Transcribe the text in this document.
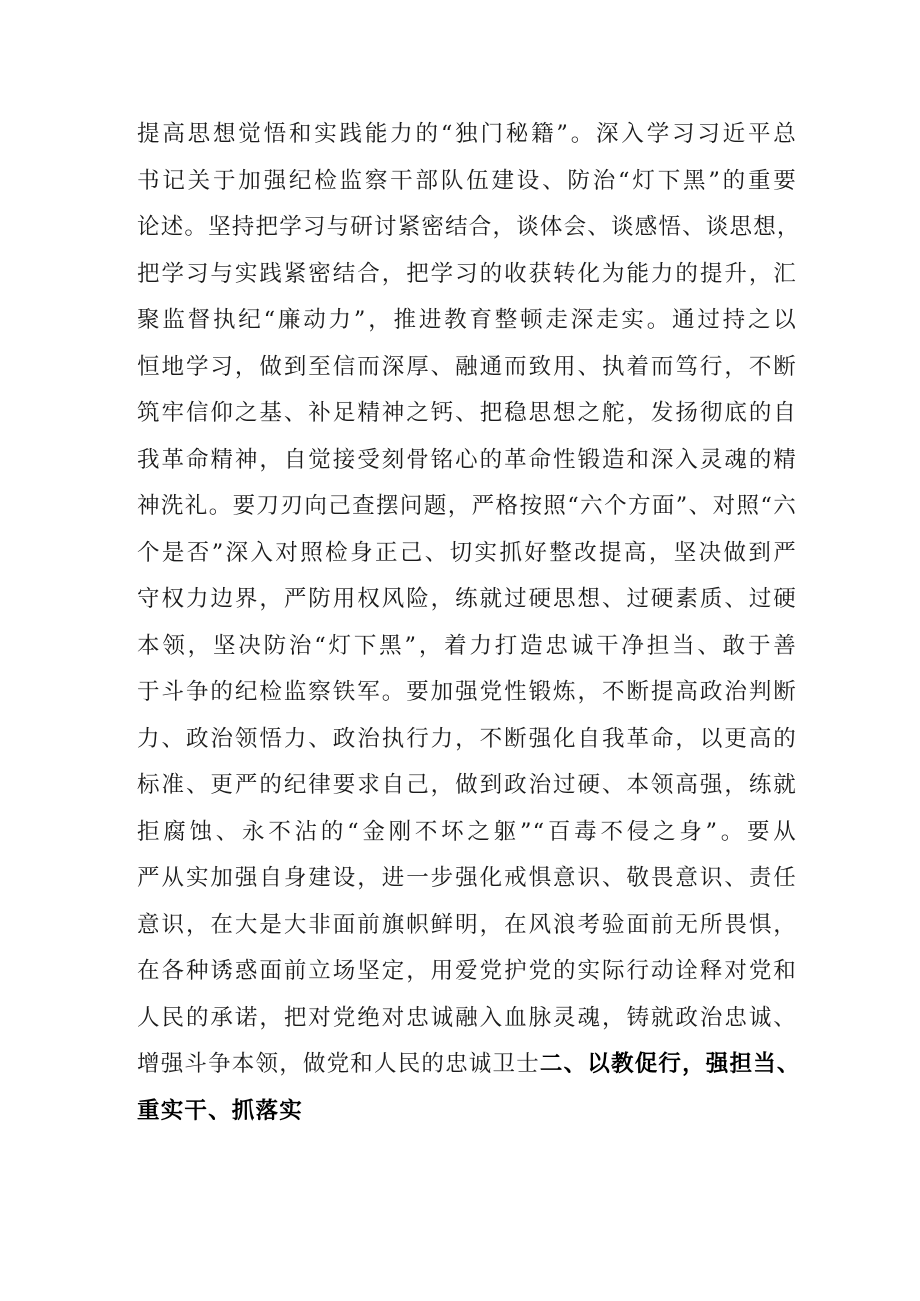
提高思想觉悟和实践能力的“独门秘籍”。深入学习习近平总
书记关于加强纪检监察干部队伍建设、防治“灯下黑”的重要
论述。坚持把学习与研讨紧密结合，谈体会、谈感悟、谈思想，
把学习与实践紧密结合，把学习的收获转化为能力的提升，汇
聚监督执纪“廉动力”，推进教育整顿走深走实。通过持之以
恒地学习，做到至信而深厚、融通而致用、执着而笃行，不断
筑牢信仰之基、补足精神之钙、把稳思想之舵，发扬彻底的自
我革命精神，自觉接受刻骨铭心的革命性锻造和深入灵魂的精
神洗礼。要刀刃向己查摆问题，严格按照“六个方面”、对照“六
个是否”深入对照检身正己、切实抓好整改提高，坚决做到严
守权力边界，严防用权风险，练就过硬思想、过硬素质、过硬
本领，坚决防治“灯下黑”，着力打造忠诚干净担当、敢于善
于斗争的纪检监察铁军。要加强党性锻炼，不断提高政治判断
力、政治领悟力、政治执行力，不断强化自我革命，以更高的
标准、更严的纪律要求自己，做到政治过硬、本领高强，练就
拒腐蚀、永不沾的“金刚不坏之躯”“百毒不侵之身”。要从
严从实加强自身建设，进一步强化戒惧意识、敬畏意识、责任
意识，在大是大非面前旗帜鲜明，在风浪考验面前无所畏惧，
在各种诱惑面前立场坚定，用爱党护党的实际行动诠释对党和
人民的承诺，把对党绝对忠诚融入血脉灵魂，铸就政治忠诚、
增强斗争本领，做党和人民的忠诚卫士二、以教促行，强担当、
重实干、抓落实
